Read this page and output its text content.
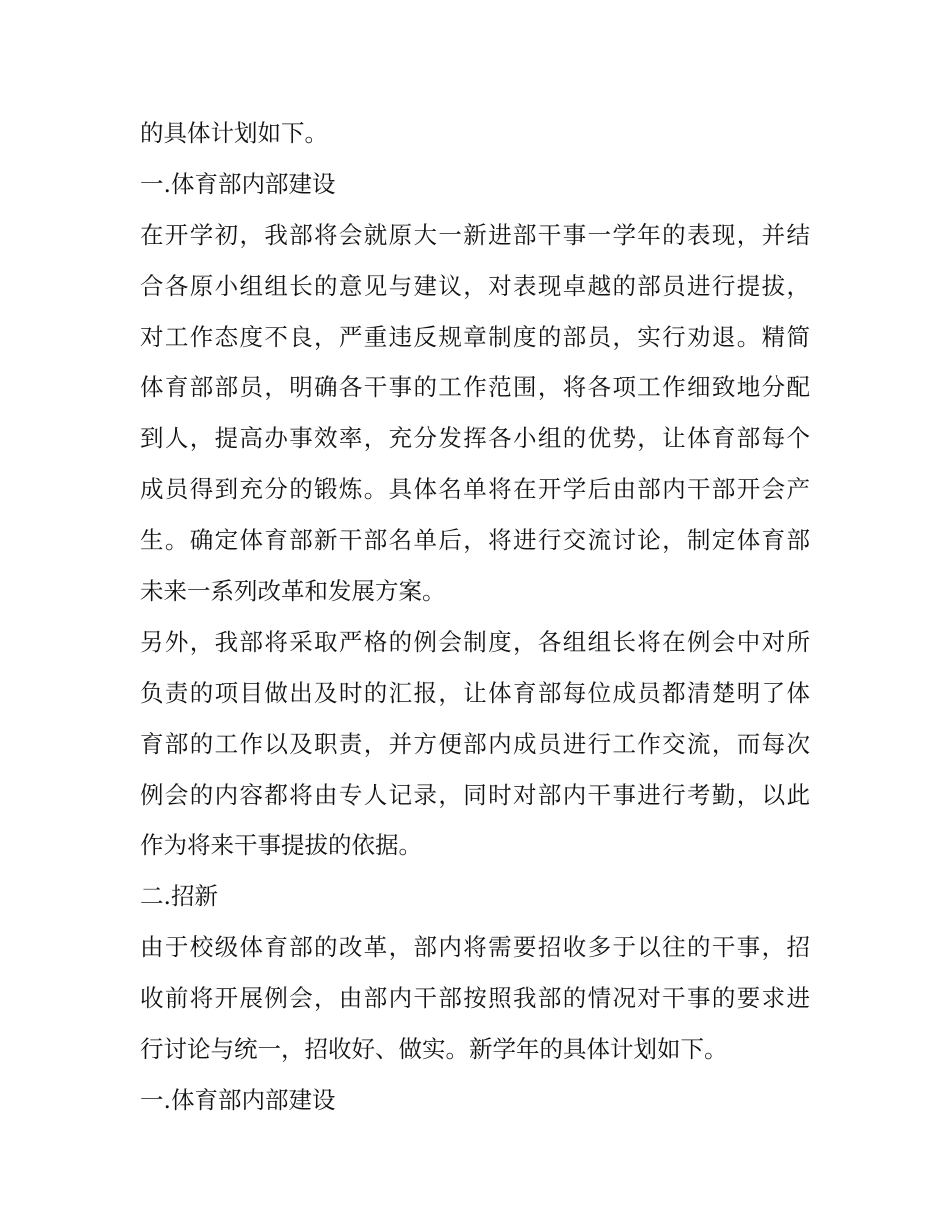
的具体计划如下。
一.体育部内部建设
在开学初，我部将会就原大一新进部干事一学年的表现，并结
合各原小组组长的意见与建议，对表现卓越的部员进行提拔，
对工作态度不良，严重违反规章制度的部员，实行劝退。精简
体育部部员，明确各干事的工作范围，将各项工作细致地分配
到人，提高办事效率，充分发挥各小组的优势，让体育部每个
成员得到充分的锻炼。具体名单将在开学后由部内干部开会产
生。确定体育部新干部名单后，将进行交流讨论，制定体育部
未来一系列改革和发展方案。
另外，我部将采取严格的例会制度，各组组长将在例会中对所
负责的项目做出及时的汇报，让体育部每位成员都清楚明了体
育部的工作以及职责，并方便部内成员进行工作交流，而每次
例会的内容都将由专人记录，同时对部内干事进行考勤，以此
作为将来干事提拔的依据。
二.招新
由于校级体育部的改革，部内将需要招收多于以往的干事，招
收前将开展例会，由部内干部按照我部的情况对干事的要求进
行讨论与统一，招收好、做实。新学年的具体计划如下。
一.体育部内部建设
